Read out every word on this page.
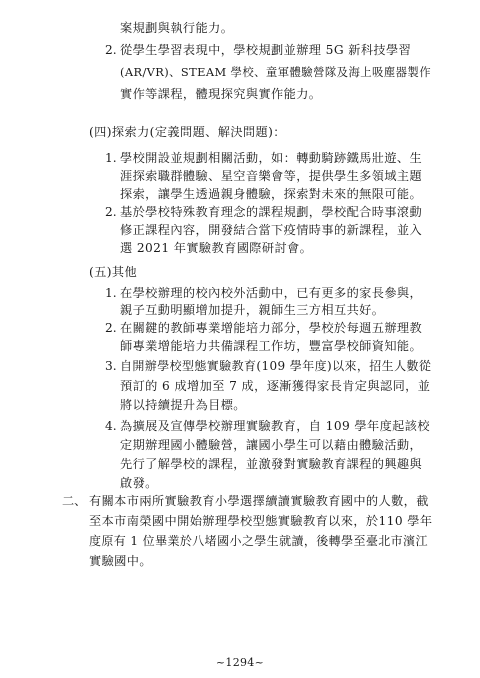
2.
1.
2.
1.
2.
3.
4.
二、
案規劃與執行能力。
從學生學習表現中，學校規劃並辦理 5G 新科技學習
(AR/VR)、STEAM 學校、童軍體驗營隊及海上吸塵器製作
實作等課程，體現探究與實作能力。
(四)探索力(定義問題、解決問題)：
學校開設並規劃相關活動，如：轉動騎跡鐵馬壯遊、生
涯探索職群體驗、星空音樂會等，提供學生多領域主題
探索，讓學生透過親身體驗，探索對未來的無限可能。
基於學校特殊教育理念的課程規劃，學校配合時事滾動
修正課程內容，開發結合當下疫情時事的新課程，並入
選 2021 年實驗教育國際研討會。
(五)其他
在學校辦理的校內校外活動中，已有更多的家長參與，
親子互動明顯增加提升，親師生三方相互共好。
在關鍵的教師專業增能培力部分，學校於每週五辦理教
師專業增能培力共備課程工作坊，豐富學校師資知能。
自開辦學校型態實驗教育(109 學年度)以來，招生人數從
預訂的 6 成增加至 7 成，逐漸獲得家長肯定與認同，並
將以持續提升為目標。
為擴展及宣傳學校辦理實驗教育，自 109 學年度起該校
定期辦理國小體驗營，讓國小學生可以藉由體驗活動，
先行了解學校的課程，並激發對實驗教育課程的興趣與
啟發。
有關本市兩所實驗教育小學選擇續讀實驗教育國中的人數，截
至本市南榮國中開始辦理學校型態實驗教育以來，於110 學年
度原有 1 位畢業於八堵國小之學生就讀，後轉學至臺北市濱江
實驗國中。
~1294~
